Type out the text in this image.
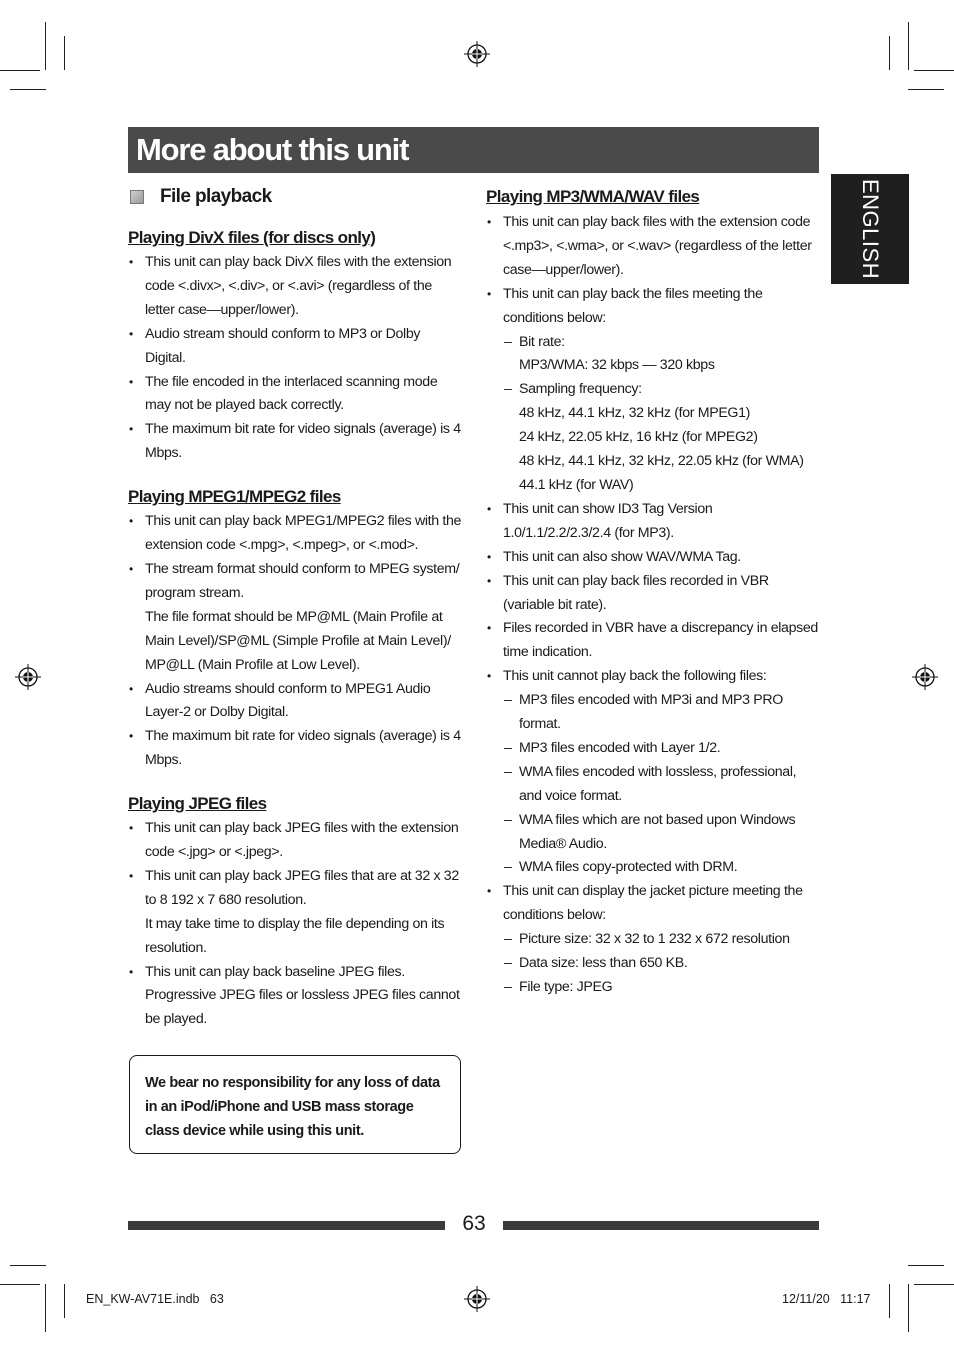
More about this unit
ENGLISH
File playback
Playing DivX files (for discs only)
• This unit can play back DivX files with the extension code <.divx>, <.div>, or <.avi> (regardless of the letter case—upper/lower).
• Audio stream should conform to MP3 or Dolby Digital.
• The file encoded in the interlaced scanning mode may not be played back correctly.
• The maximum bit rate for video signals (average) is 4 Mbps.
Playing MPEG1/MPEG2 files
• This unit can play back MPEG1/MPEG2 files with the extension code <.mpg>, <.mpeg>, or <.mod>.
• The stream format should conform to MPEG system/ program stream.
The file format should be MP@ML (Main Profile at Main Level)/SP@ML (Simple Profile at Main Level)/ MP@LL (Main Profile at Low Level).
• Audio streams should conform to MPEG1 Audio Layer-2 or Dolby Digital.
• The maximum bit rate for video signals (average) is 4 Mbps.
Playing JPEG files
• This unit can play back JPEG files with the extension code <.jpg> or <.jpeg>.
• This unit can play back JPEG files that are at 32 x 32 to 8 192 x 7 680 resolution.
It may take time to display the file depending on its resolution.
• This unit can play back baseline JPEG files.
Progressive JPEG files or lossless JPEG files cannot be played.
We bear no responsibility for any loss of data in an iPod/iPhone and USB mass storage class device while using this unit.
Playing MP3/WMA/WAV files
• This unit can play back files with the extension code <.mp3>, <.wma>, or <.wav> (regardless of the letter case—upper/lower).
• This unit can play back the files meeting the conditions below:
– Bit rate:
MP3/WMA: 32 kbps — 320 kbps
– Sampling frequency:
48 kHz, 44.1 kHz, 32 kHz (for MPEG1)
24 kHz, 22.05 kHz, 16 kHz (for MPEG2)
48 kHz, 44.1 kHz, 32 kHz, 22.05 kHz (for WMA)
44.1 kHz (for WAV)
• This unit can show ID3 Tag Version 1.0/1.1/2.2/2.3/2.4 (for MP3).
• This unit can also show WAV/WMA Tag.
• This unit can play back files recorded in VBR (variable bit rate).
• Files recorded in VBR have a discrepancy in elapsed time indication.
• This unit cannot play back the following files:
– MP3 files encoded with MP3i and MP3 PRO format.
– MP3 files encoded with Layer 1/2.
– WMA files encoded with lossless, professional, and voice format.
– WMA files which are not based upon Windows Media® Audio.
– WMA files copy-protected with DRM.
• This unit can display the jacket picture meeting the conditions below:
– Picture size: 32 x 32 to 1 232 x 672 resolution
– Data size: less than 650 KB.
– File type: JPEG
63
EN_KW-AV71E.indb   63	12/11/20   11:17
